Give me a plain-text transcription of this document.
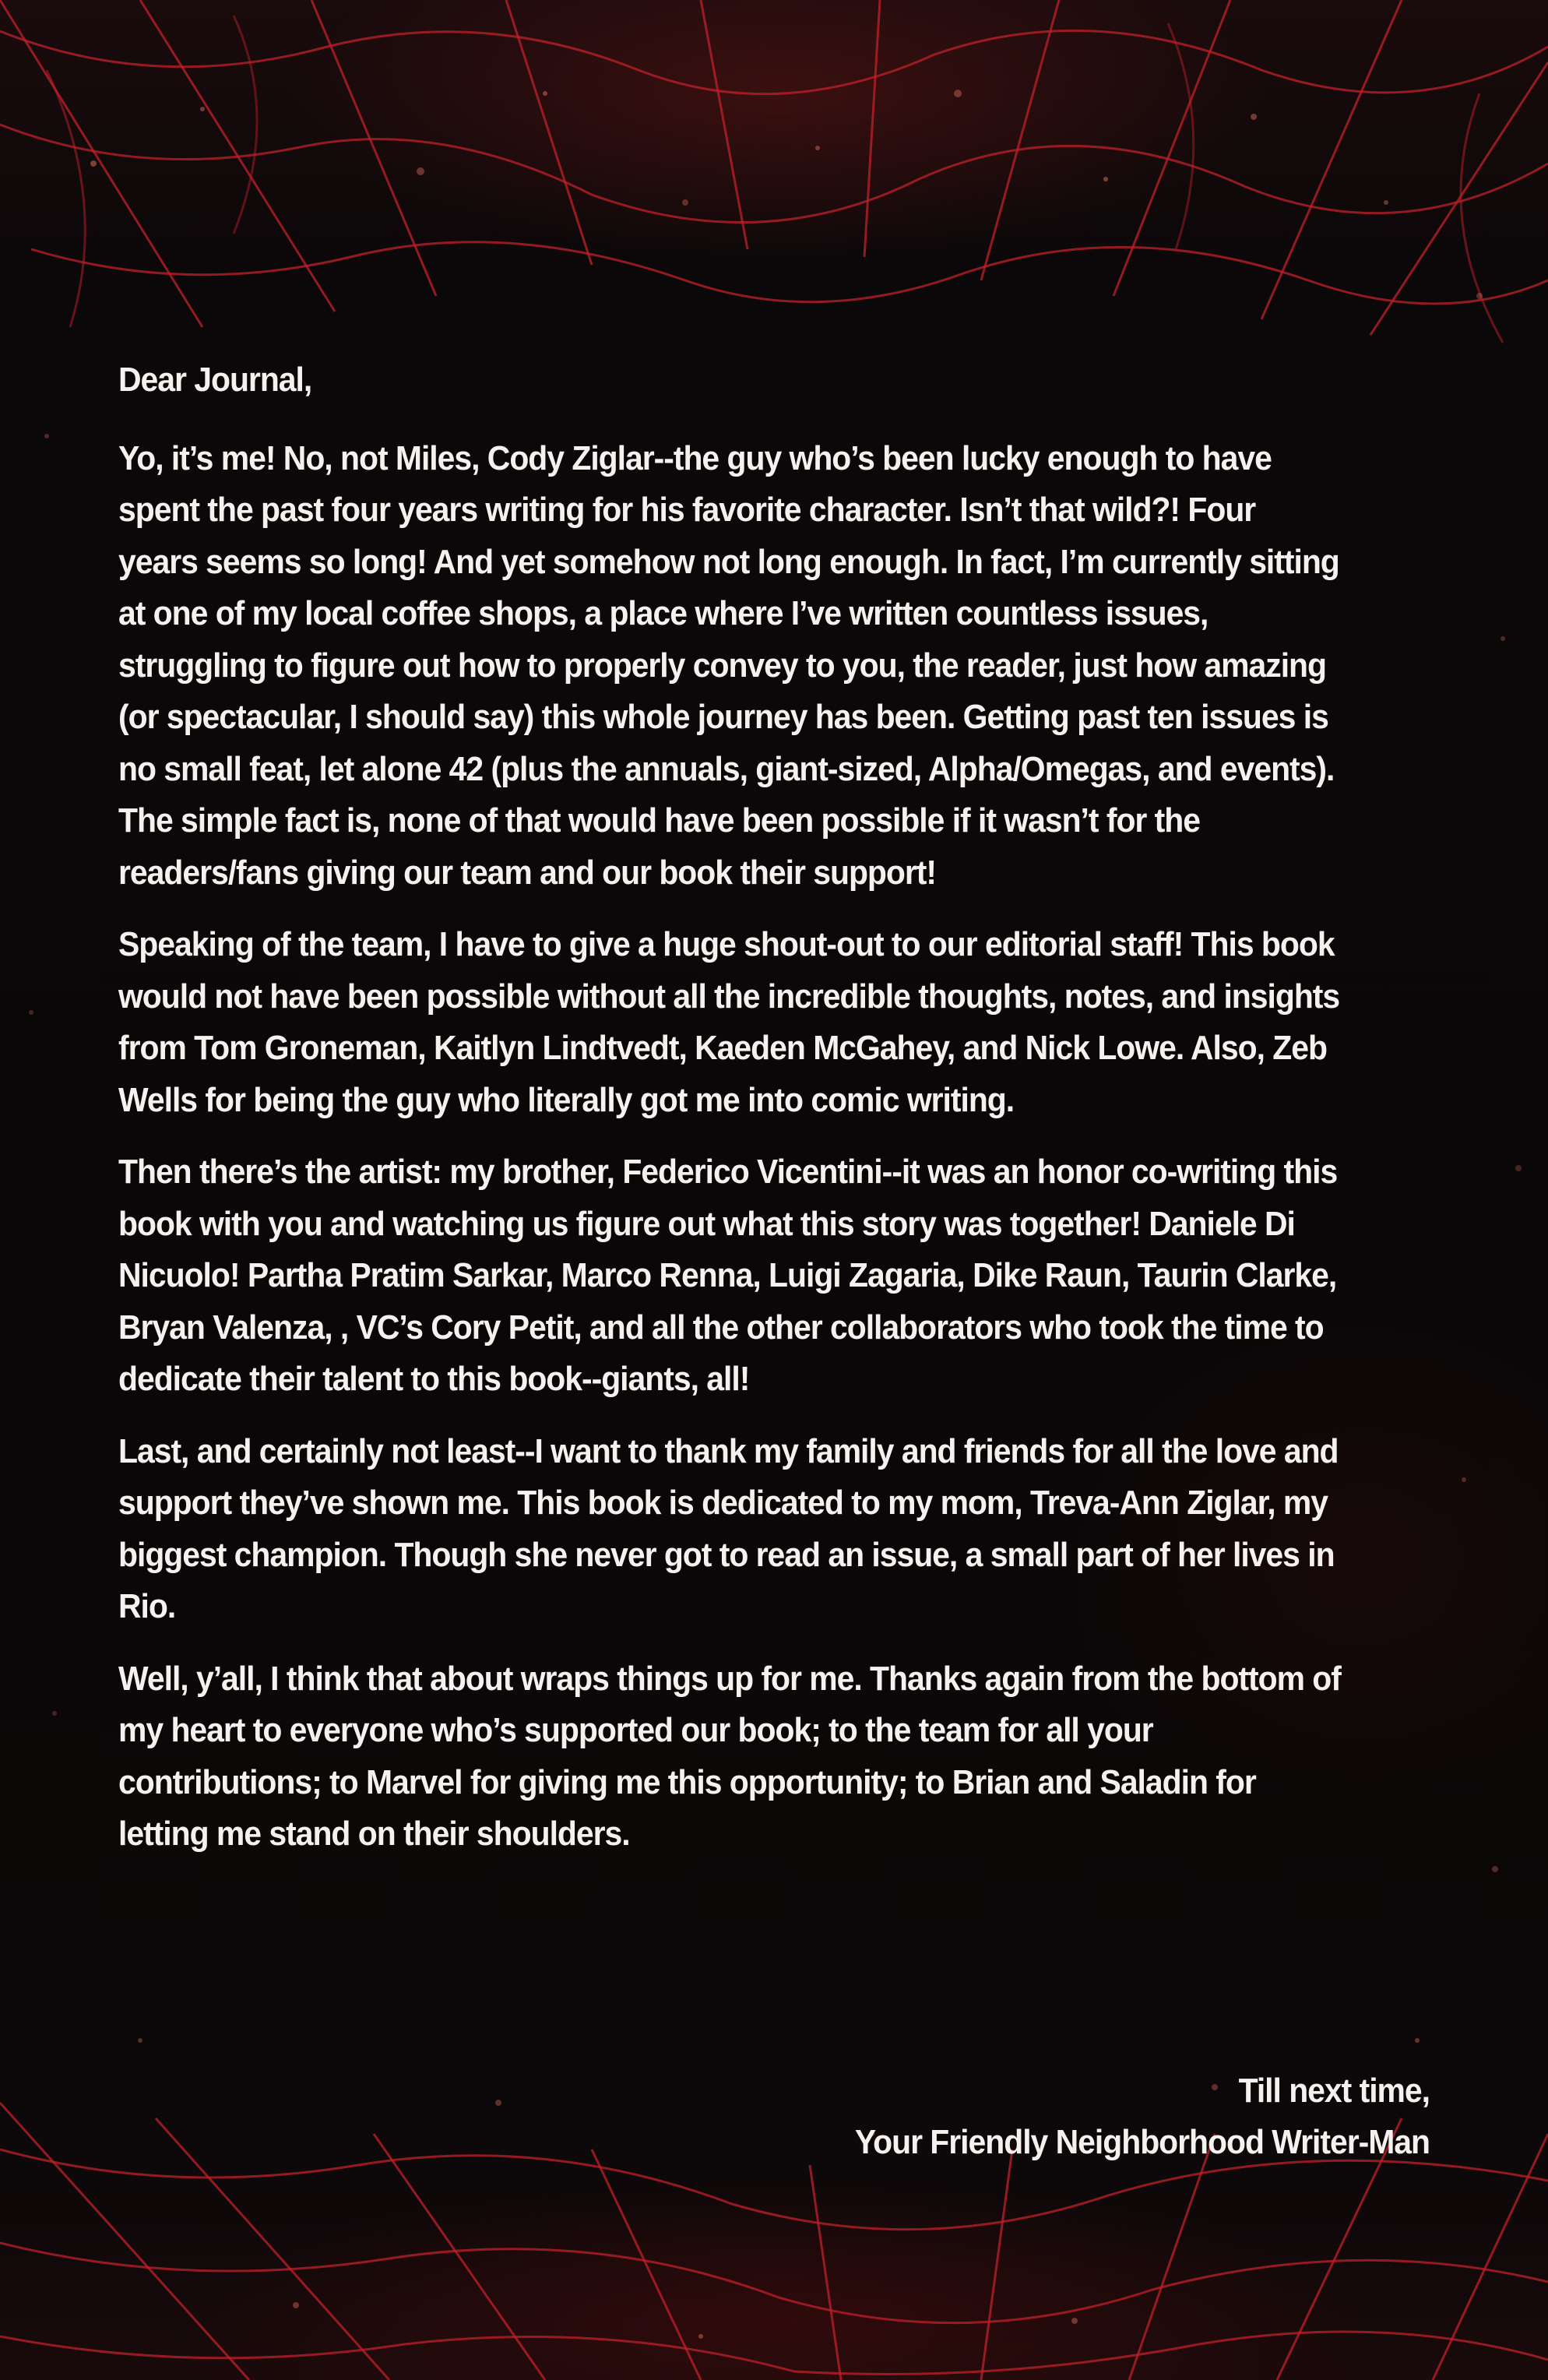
Dear Journal,

Yo, it’s me! No, not Miles, Cody Ziglar--the guy who’s been lucky enough to have spent the past four years writing for his favorite character. Isn’t that wild?! Four years seems so long! And yet somehow not long enough. In fact, I’m currently sitting at one of my local coffee shops, a place where I’ve written countless issues, struggling to figure out how to properly convey to you, the reader, just how amazing (or spectacular, I should say) this whole journey has been. Getting past ten issues is no small feat, let alone 42 (plus the annuals, giant-sized, Alpha/Omegas, and events). The simple fact is, none of that would have been possible if it wasn’t for the readers/fans giving our team and our book their support!

Speaking of the team, I have to give a huge shout-out to our editorial staff! This book would not have been possible without all the incredible thoughts, notes, and insights from Tom Groneman, Kaitlyn Lindtvedt, Kaeden McGahey, and Nick Lowe. Also, Zeb Wells for being the guy who literally got me into comic writing.

Then there’s the artist: my brother, Federico Vicentini--it was an honor co-writing this book with you and watching us figure out what this story was together! Daniele Di Nicuolo! Partha Pratim Sarkar, Marco Renna, Luigi Zagaria, Dike Raun, Taurin Clarke, Bryan Valenza, , VC’s Cory Petit, and all the other collaborators who took the time to dedicate their talent to this book--giants, all!

Last, and certainly not least--I want to thank my family and friends for all the love and support they’ve shown me. This book is dedicated to my mom, Treva-Ann Ziglar, my biggest champion. Though she never got to read an issue, a small part of her lives in Rio.

Well, y’all, I think that about wraps things up for me. Thanks again from the bottom of my heart to everyone who’s supported our book; to the team for all your contributions; to Marvel for giving me this opportunity; to Brian and Saladin for letting me stand on their shoulders.

Till next time,
Your Friendly Neighborhood Writer-Man
